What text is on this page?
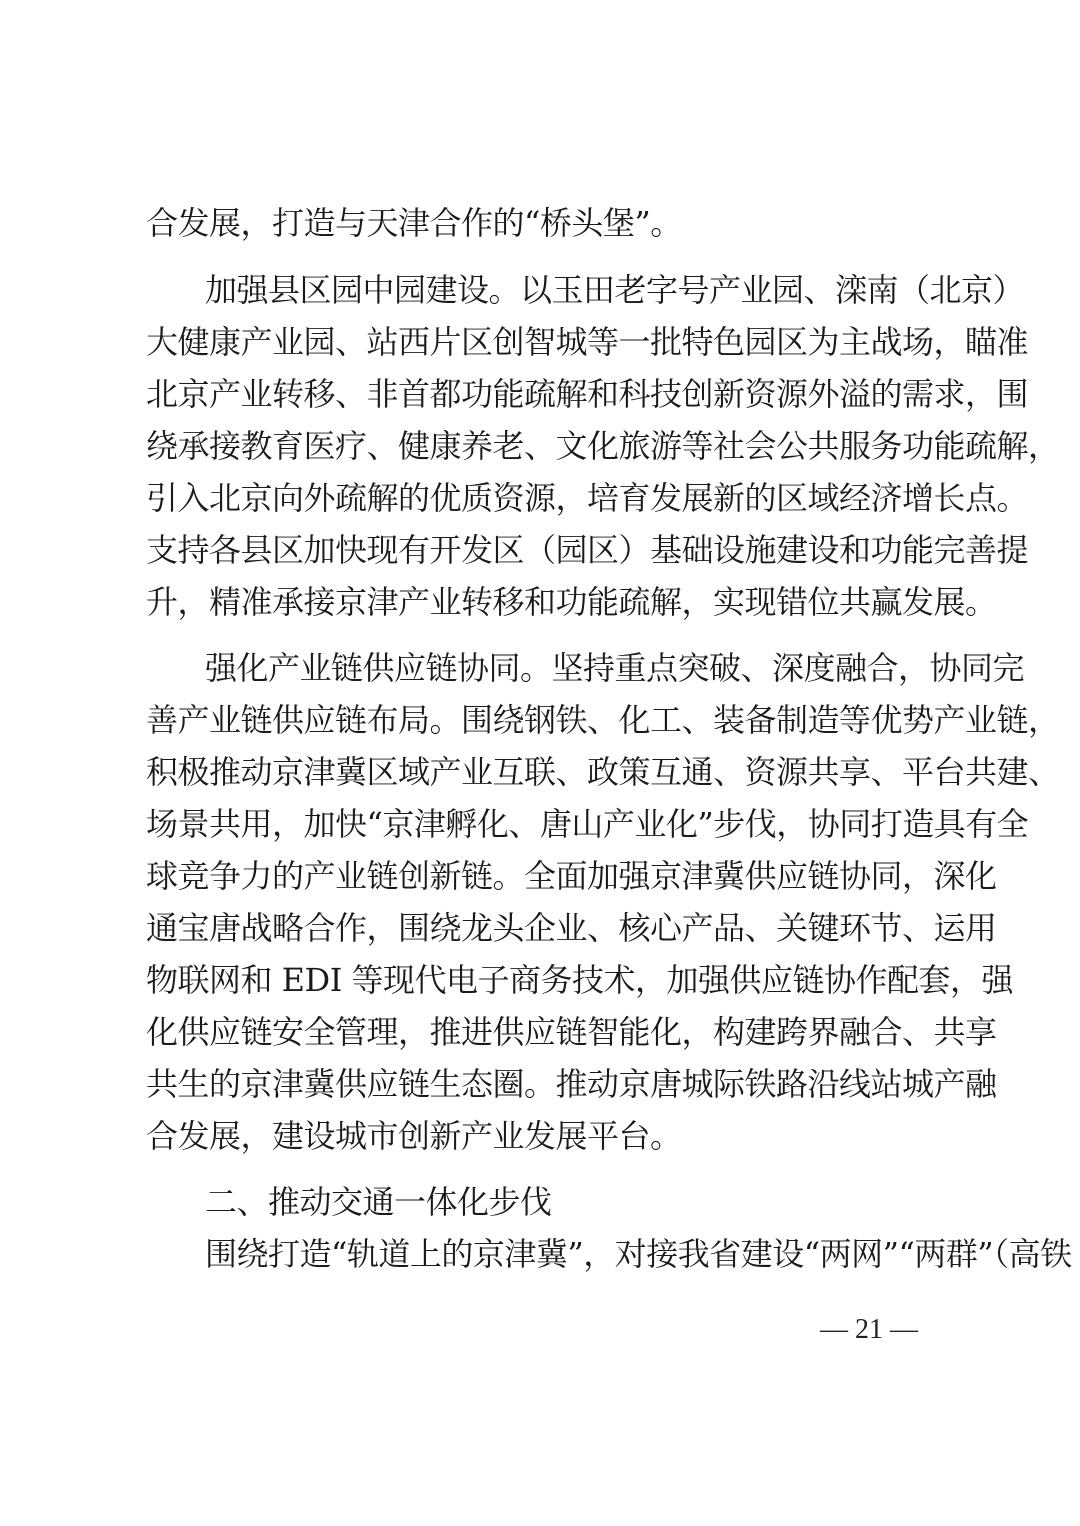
合发展，打造与天津合作的“桥头堡”。
加强县区园中园建设。以玉田老字号产业园、滦南（北京）
大健康产业园、站西片区创智城等一批特色园区为主战场，瞄准
北京产业转移、非首都功能疏解和科技创新资源外溢的需求，围
绕承接教育医疗、健康养老、文化旅游等社会公共服务功能疏解，
引入北京向外疏解的优质资源，培育发展新的区域经济增长点。
支持各县区加快现有开发区（园区）基础设施建设和功能完善提
升，精准承接京津产业转移和功能疏解，实现错位共赢发展。
强化产业链供应链协同。坚持重点突破、深度融合，协同完
善产业链供应链布局。围绕钢铁、化工、装备制造等优势产业链，
积极推动京津冀区域产业互联、政策互通、资源共享、平台共建、
场景共用，加快“京津孵化、唐山产业化”步伐，协同打造具有全
球竞争力的产业链创新链。全面加强京津冀供应链协同，深化
通宝唐战略合作，围绕龙头企业、核心产品、关键环节、运用
物联网和 EDI 等现代电子商务技术，加强供应链协作配套，强
化供应链安全管理，推进供应链智能化，构建跨界融合、共享
共生的京津冀供应链生态圈。推动京唐城际铁路沿线站城产融
合发展，建设城市创新产业发展平台。
二、推动交通一体化步伐
围绕打造“轨道上的京津冀”，对接我省建设“两网”“两群”（高铁
— 21 —
